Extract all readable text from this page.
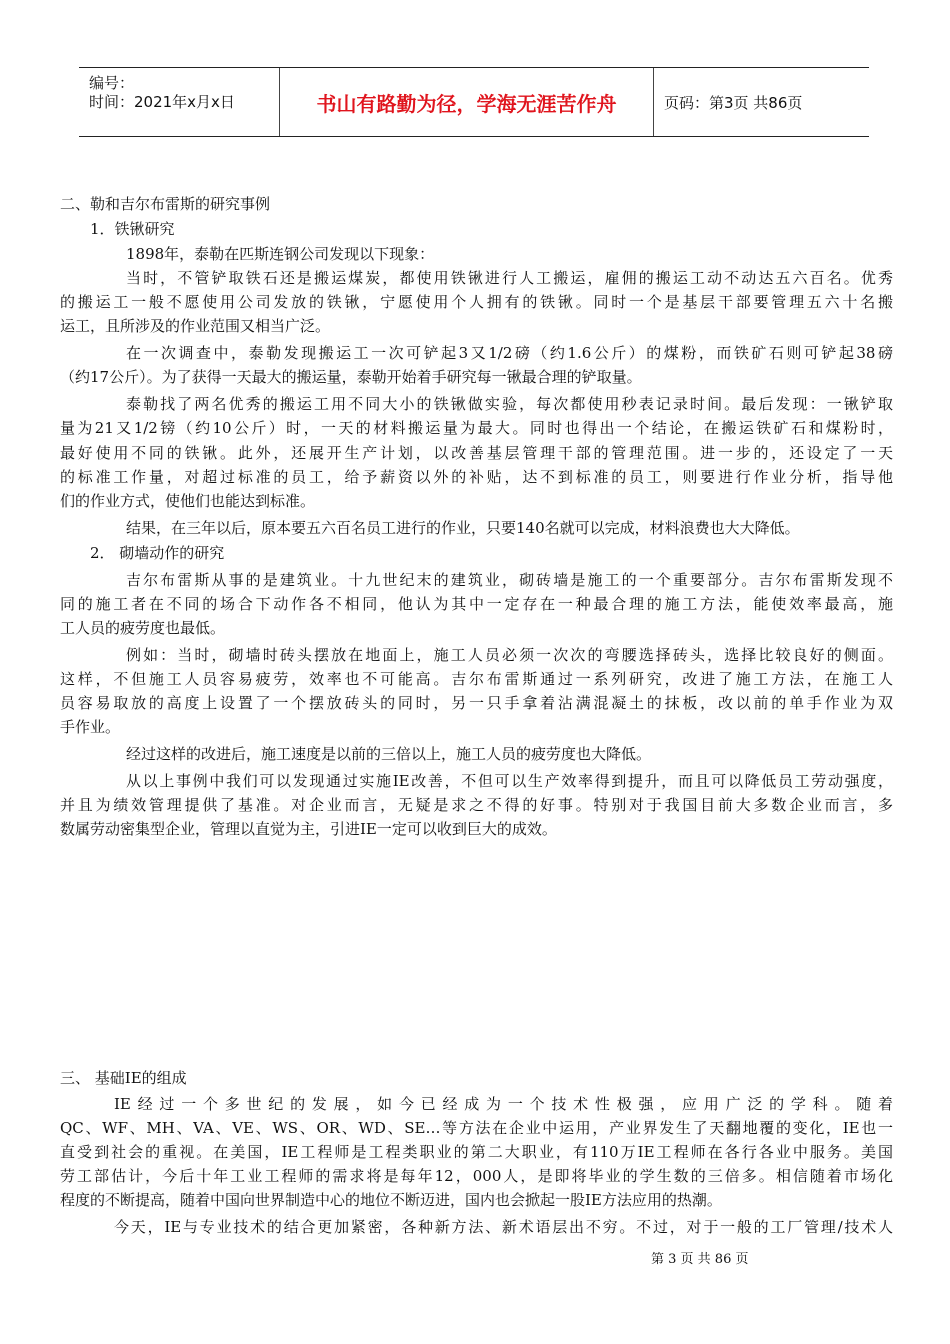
编号：
时间：2021年x月x日	书山有路勤为径，学海无涯苦作舟	页码：第3页 共86页
二、勒和吉尔布雷斯的研究事例
1．铁锹研究
1898年，泰勒在匹斯连钢公司发现以下现象：
当时，不管铲取铁石还是搬运煤炭，都使用铁锹进行人工搬运，雇佣的搬运工动不动达五六百名。优秀
的搬运工一般不愿使用公司发放的铁锹，宁愿使用个人拥有的铁锹。同时一个是基层干部要管理五六十名搬
运工，且所涉及的作业范围又相当广泛。
在一次调查中，泰勒发现搬运工一次可铲起3又1/2磅（约1.6公斤）的煤粉，而铁矿石则可铲起38磅
（约17公斤）。为了获得一天最大的搬运量，泰勒开始着手研究每一锹最合理的铲取量。
泰勒找了两名优秀的搬运工用不同大小的铁锹做实验，每次都使用秒表记录时间。最后发现：一锹铲取
量为21又1/2镑（约10公斤）时，一天的材料搬运量为最大。同时也得出一个结论，在搬运铁矿石和煤粉时，
最好使用不同的铁锹。此外，还展开生产计划，以改善基层管理干部的管理范围。进一步的，还设定了一天
的标准工作量，对超过标准的员工，给予薪资以外的补贴，达不到标准的员工，则要进行作业分析，指导他
们的作业方式，使他们也能达到标准。
结果，在三年以后，原本要五六百名员工进行的作业，只要140名就可以完成，材料浪费也大大降低。
2． 砌墙动作的研究
吉尔布雷斯从事的是建筑业。十九世纪末的建筑业，砌砖墙是施工的一个重要部分。吉尔布雷斯发现不
同的施工者在不同的场合下动作各不相同，他认为其中一定存在一种最合理的施工方法，能使效率最高，施
工人员的疲劳度也最低。
例如：当时，砌墙时砖头摆放在地面上，施工人员必须一次次的弯腰选择砖头，选择比较良好的侧面。
这样，不但施工人员容易疲劳，效率也不可能高。吉尔布雷斯通过一系列研究，改进了施工方法，在施工人
员容易取放的高度上设置了一个摆放砖头的同时，另一只手拿着沾满混凝土的抹板，改以前的单手作业为双
手作业。
经过这样的改进后，施工速度是以前的三倍以上，施工人员的疲劳度也大降低。
从以上事例中我们可以发现通过实施IE改善，不但可以生产效率得到提升，而且可以降低员工劳动强度，
并且为绩效管理提供了基准。对企业而言，无疑是求之不得的好事。特别对于我国目前大多数企业而言，多
数属劳动密集型企业，管理以直觉为主，引进IE一定可以收到巨大的成效。
三、 基础IE的组成
IE经过一个多世纪的发展，如今已经成为一个技术性极强，应用广泛的学科。随着
QC、WF、MH、VA、VE、WS、OR、WD、SE…等方法在企业中运用，产业界发生了天翻地覆的变化，IE也一
直受到社会的重视。在美国，IE工程师是工程类职业的第二大职业，有110万IE工程师在各行各业中服务。美国
劳工部估计，今后十年工业工程师的需求将是每年12，000人，是即将毕业的学生数的三倍多。相信随着市场化
程度的不断提高，随着中国向世界制造中心的地位不断迈进，国内也会掀起一股IE方法应用的热潮。
今天，IE与专业技术的结合更加紧密，各种新方法、新术语层出不穷。不过，对于一般的工厂管理/技术人
第 3 页 共 86 页
